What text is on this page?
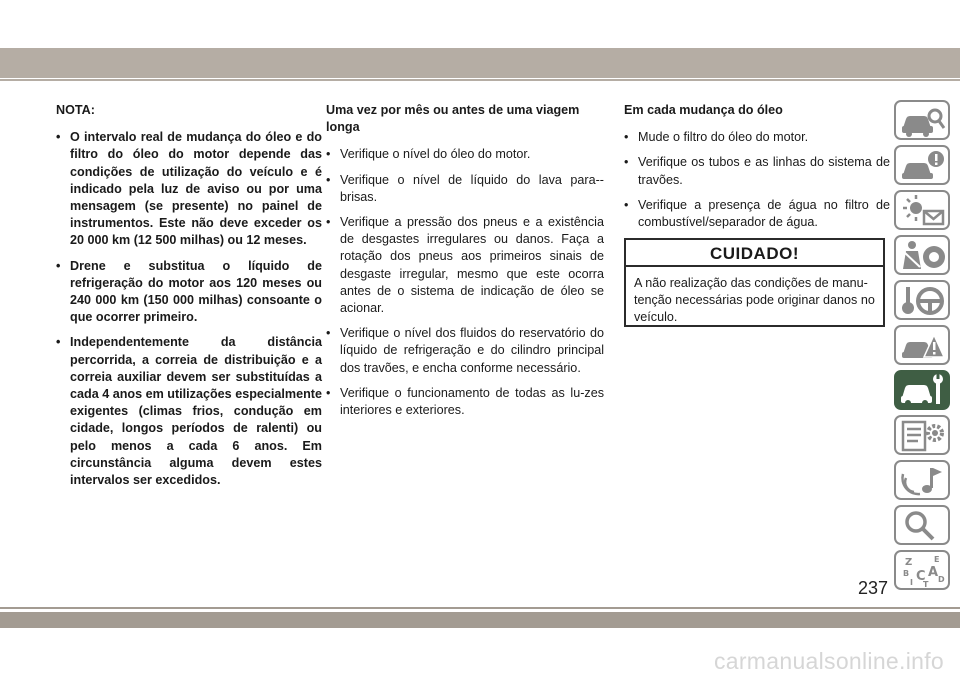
NOTA:
• O intervalo real de mudança do óleo e do filtro do óleo do motor depende das condições de utilização do veículo e é indicado pela luz de aviso ou por uma mensagem (se presente) no painel de instrumentos. Este não deve exceder os 20 000 km (12 500 milhas) ou 12 meses.
• Drene e substitua o líquido de refrigeração do motor aos 120 meses ou 240 000 km (150 000 milhas) consoante o que ocorrer primeiro.
• Independentemente da distância percorrida, a correia de distribuição e a correia auxiliar devem ser substituídas a cada 4 anos em utilizações especialmente exigentes (climas frios, condução em cidade, longos períodos de ralenti) ou pelo menos a cada 6 anos. Em circunstância alguma devem estes intervalos ser excedidos.
Uma vez por mês ou antes de uma viagem longa
• Verifique o nível do óleo do motor.
• Verifique o nível de líquido do lava para--brisas.
• Verifique a pressão dos pneus e a existência de desgastes irregulares ou danos. Faça a rotação dos pneus aos primeiros sinais de desgaste irregular, mesmo que este ocorra antes de o sistema de indicação de óleo se acionar.
• Verifique o nível dos fluidos do reservatório do líquido de refrigeração e do cilindro principal dos travões, e encha conforme necessário.
• Verifique o funcionamento de todas as lu-zes interiores e exteriores.
Em cada mudança do óleo
• Mude o filtro do óleo do motor.
• Verifique os tubos e as linhas do sistema de travões.
• Verifique a presença de água no filtro de combustível/separador de água.
CUIDADO!
A não realização das condições de manu-tenção necessárias pode originar danos no veículo.
Z	E
B A D
I C
T
237
carmanualsonline.info
